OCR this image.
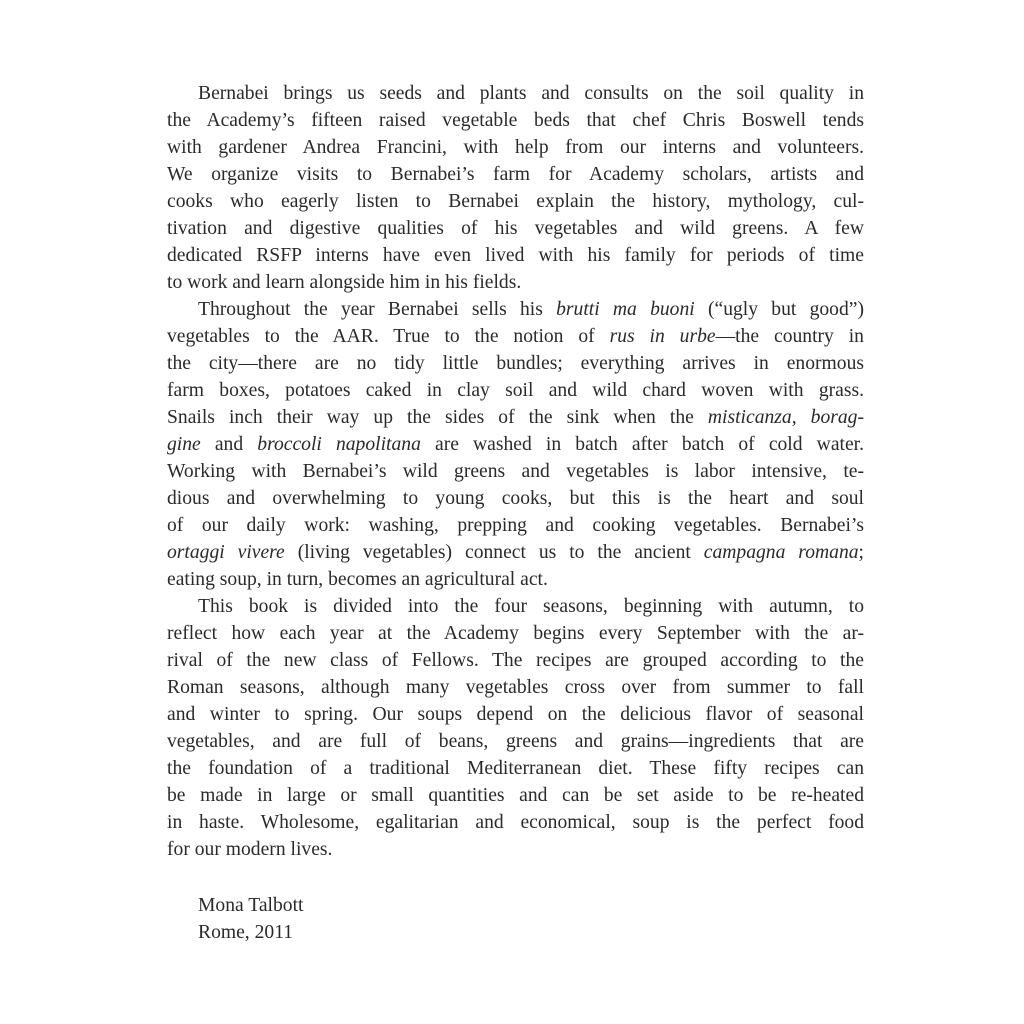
Bernabei brings us seeds and plants and consults on the soil quality in
the Academy’s fifteen raised vegetable beds that chef Chris Boswell tends
with gardener Andrea Francini, with help from our interns and volunteers.
We organize visits to Bernabei’s farm for Academy scholars, artists and
cooks who eagerly listen to Bernabei explain the history, mythology, cul-
tivation and digestive qualities of his vegetables and wild greens. A few
dedicated RSFP interns have even lived with his family for periods of time
to work and learn alongside him in his fields.
Throughout the year Bernabei sells his brutti ma buoni (“ugly but good”)
vegetables to the AAR. True to the notion of rus in urbe—the country in
the city—there are no tidy little bundles; everything arrives in enormous
farm boxes, potatoes caked in clay soil and wild chard woven with grass.
Snails inch their way up the sides of the sink when the misticanza, borag-
gine and broccoli napolitana are washed in batch after batch of cold water.
Working with Bernabei’s wild greens and vegetables is labor intensive, te-
dious and overwhelming to young cooks, but this is the heart and soul
of our daily work: washing, prepping and cooking vegetables. Bernabei’s
ortaggi vivere (living vegetables) connect us to the ancient campagna romana;
eating soup, in turn, becomes an agricultural act.
This book is divided into the four seasons, beginning with autumn, to
reflect how each year at the Academy begins every September with the ar-
rival of the new class of Fellows. The recipes are grouped according to the
Roman seasons, although many vegetables cross over from summer to fall
and winter to spring. Our soups depend on the delicious flavor of seasonal
vegetables, and are full of beans, greens and grains—ingredients that are
the foundation of a traditional Mediterranean diet. These fifty recipes can
be made in large or small quantities and can be set aside to be re-heated
in haste. Wholesome, egalitarian and economical, soup is the perfect food
for our modern lives.
Mona Talbott
Rome, 2011
